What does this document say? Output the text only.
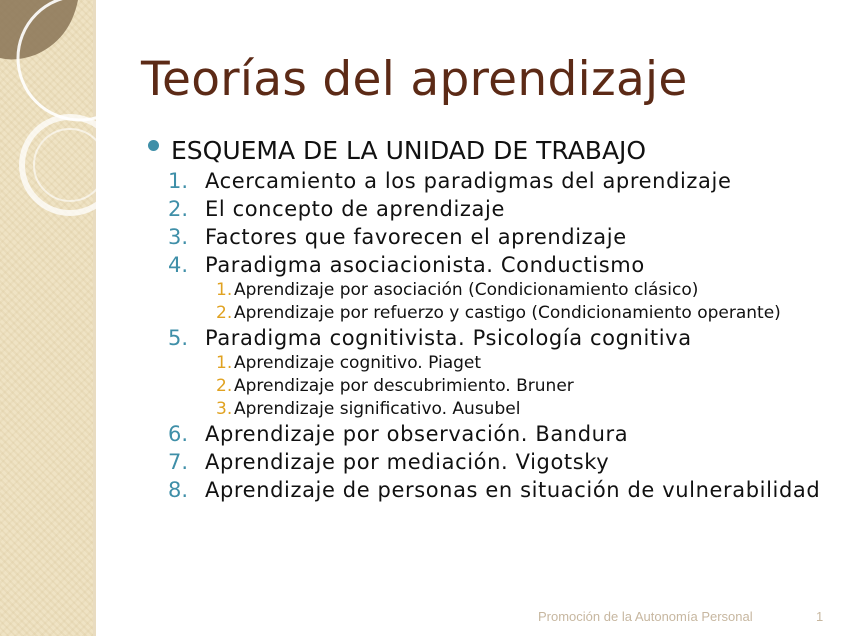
Teorías del aprendizaje
ESQUEMA DE LA UNIDAD DE TRABAJO
1. Acercamiento a los paradigmas del aprendizaje
2. El concepto de aprendizaje
3. Factores que favorecen el aprendizaje
4. Paradigma asociacionista. Conductismo
1. Aprendizaje por asociación (Condicionamiento clásico)
2. Aprendizaje por refuerzo y castigo (Condicionamiento operante)
5. Paradigma cognitivista. Psicología cognitiva
1. Aprendizaje cognitivo. Piaget
2. Aprendizaje por descubrimiento. Bruner
3. Aprendizaje significativo. Ausubel
6. Aprendizaje por observación. Bandura
7. Aprendizaje por mediación. Vigotsky
8. Aprendizaje de personas en situación de vulnerabilidad
Promoción de la Autonomía Personal	1
